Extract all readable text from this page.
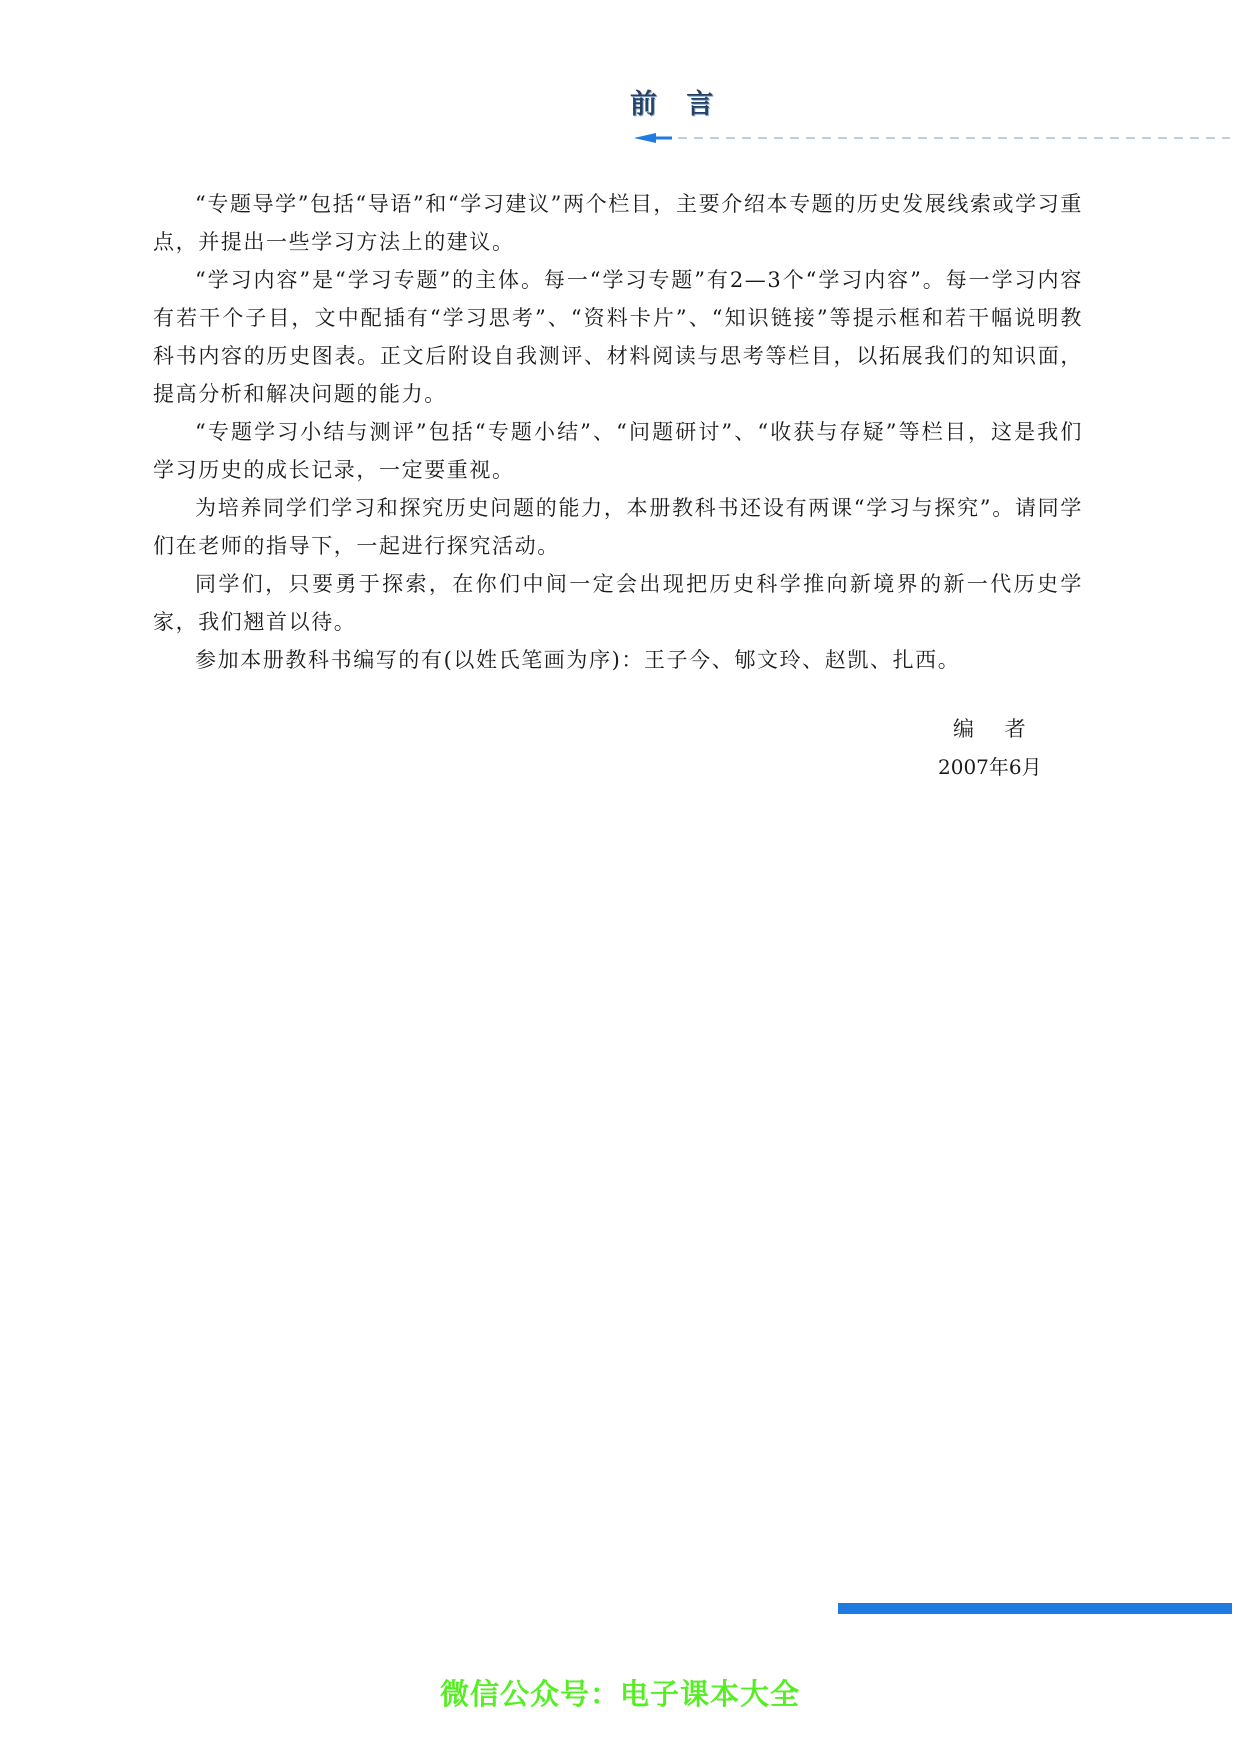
前 言

“专题导学”包括“导语”和“学习建议”两个栏目，主要介绍本专题的历史发展线索或学习重点，并提出一些学习方法上的建议。

“学习内容”是“学习专题”的主体。每一“学习专题”有2—3个“学习内容”。每一学习内容有若干个子目，文中配插有“学习思考”、“资料卡片”、“知识链接”等提示框和若干幅说明教科书内容的历史图表。正文后附设自我测评、材料阅读与思考等栏目，以拓展我们的知识面，提高分析和解决问题的能力。

“专题学习小结与测评”包括“专题小结”、“问题研讨”、“收获与存疑”等栏目，这是我们学习历史的成长记录，一定要重视。

为培养同学们学习和探究历史问题的能力，本册教科书还设有两课“学习与探究”。请同学们在老师的指导下，一起进行探究活动。

同学们，只要勇于探索，在你们中间一定会出现把历史科学推向新境界的新一代历史学家，我们翘首以待。

参加本册教科书编写的有(以姓氏笔画为序)：王子今、郇文玲、赵凯、扎西。

编 者
2007年6月
微信公众号：电子课本大全
